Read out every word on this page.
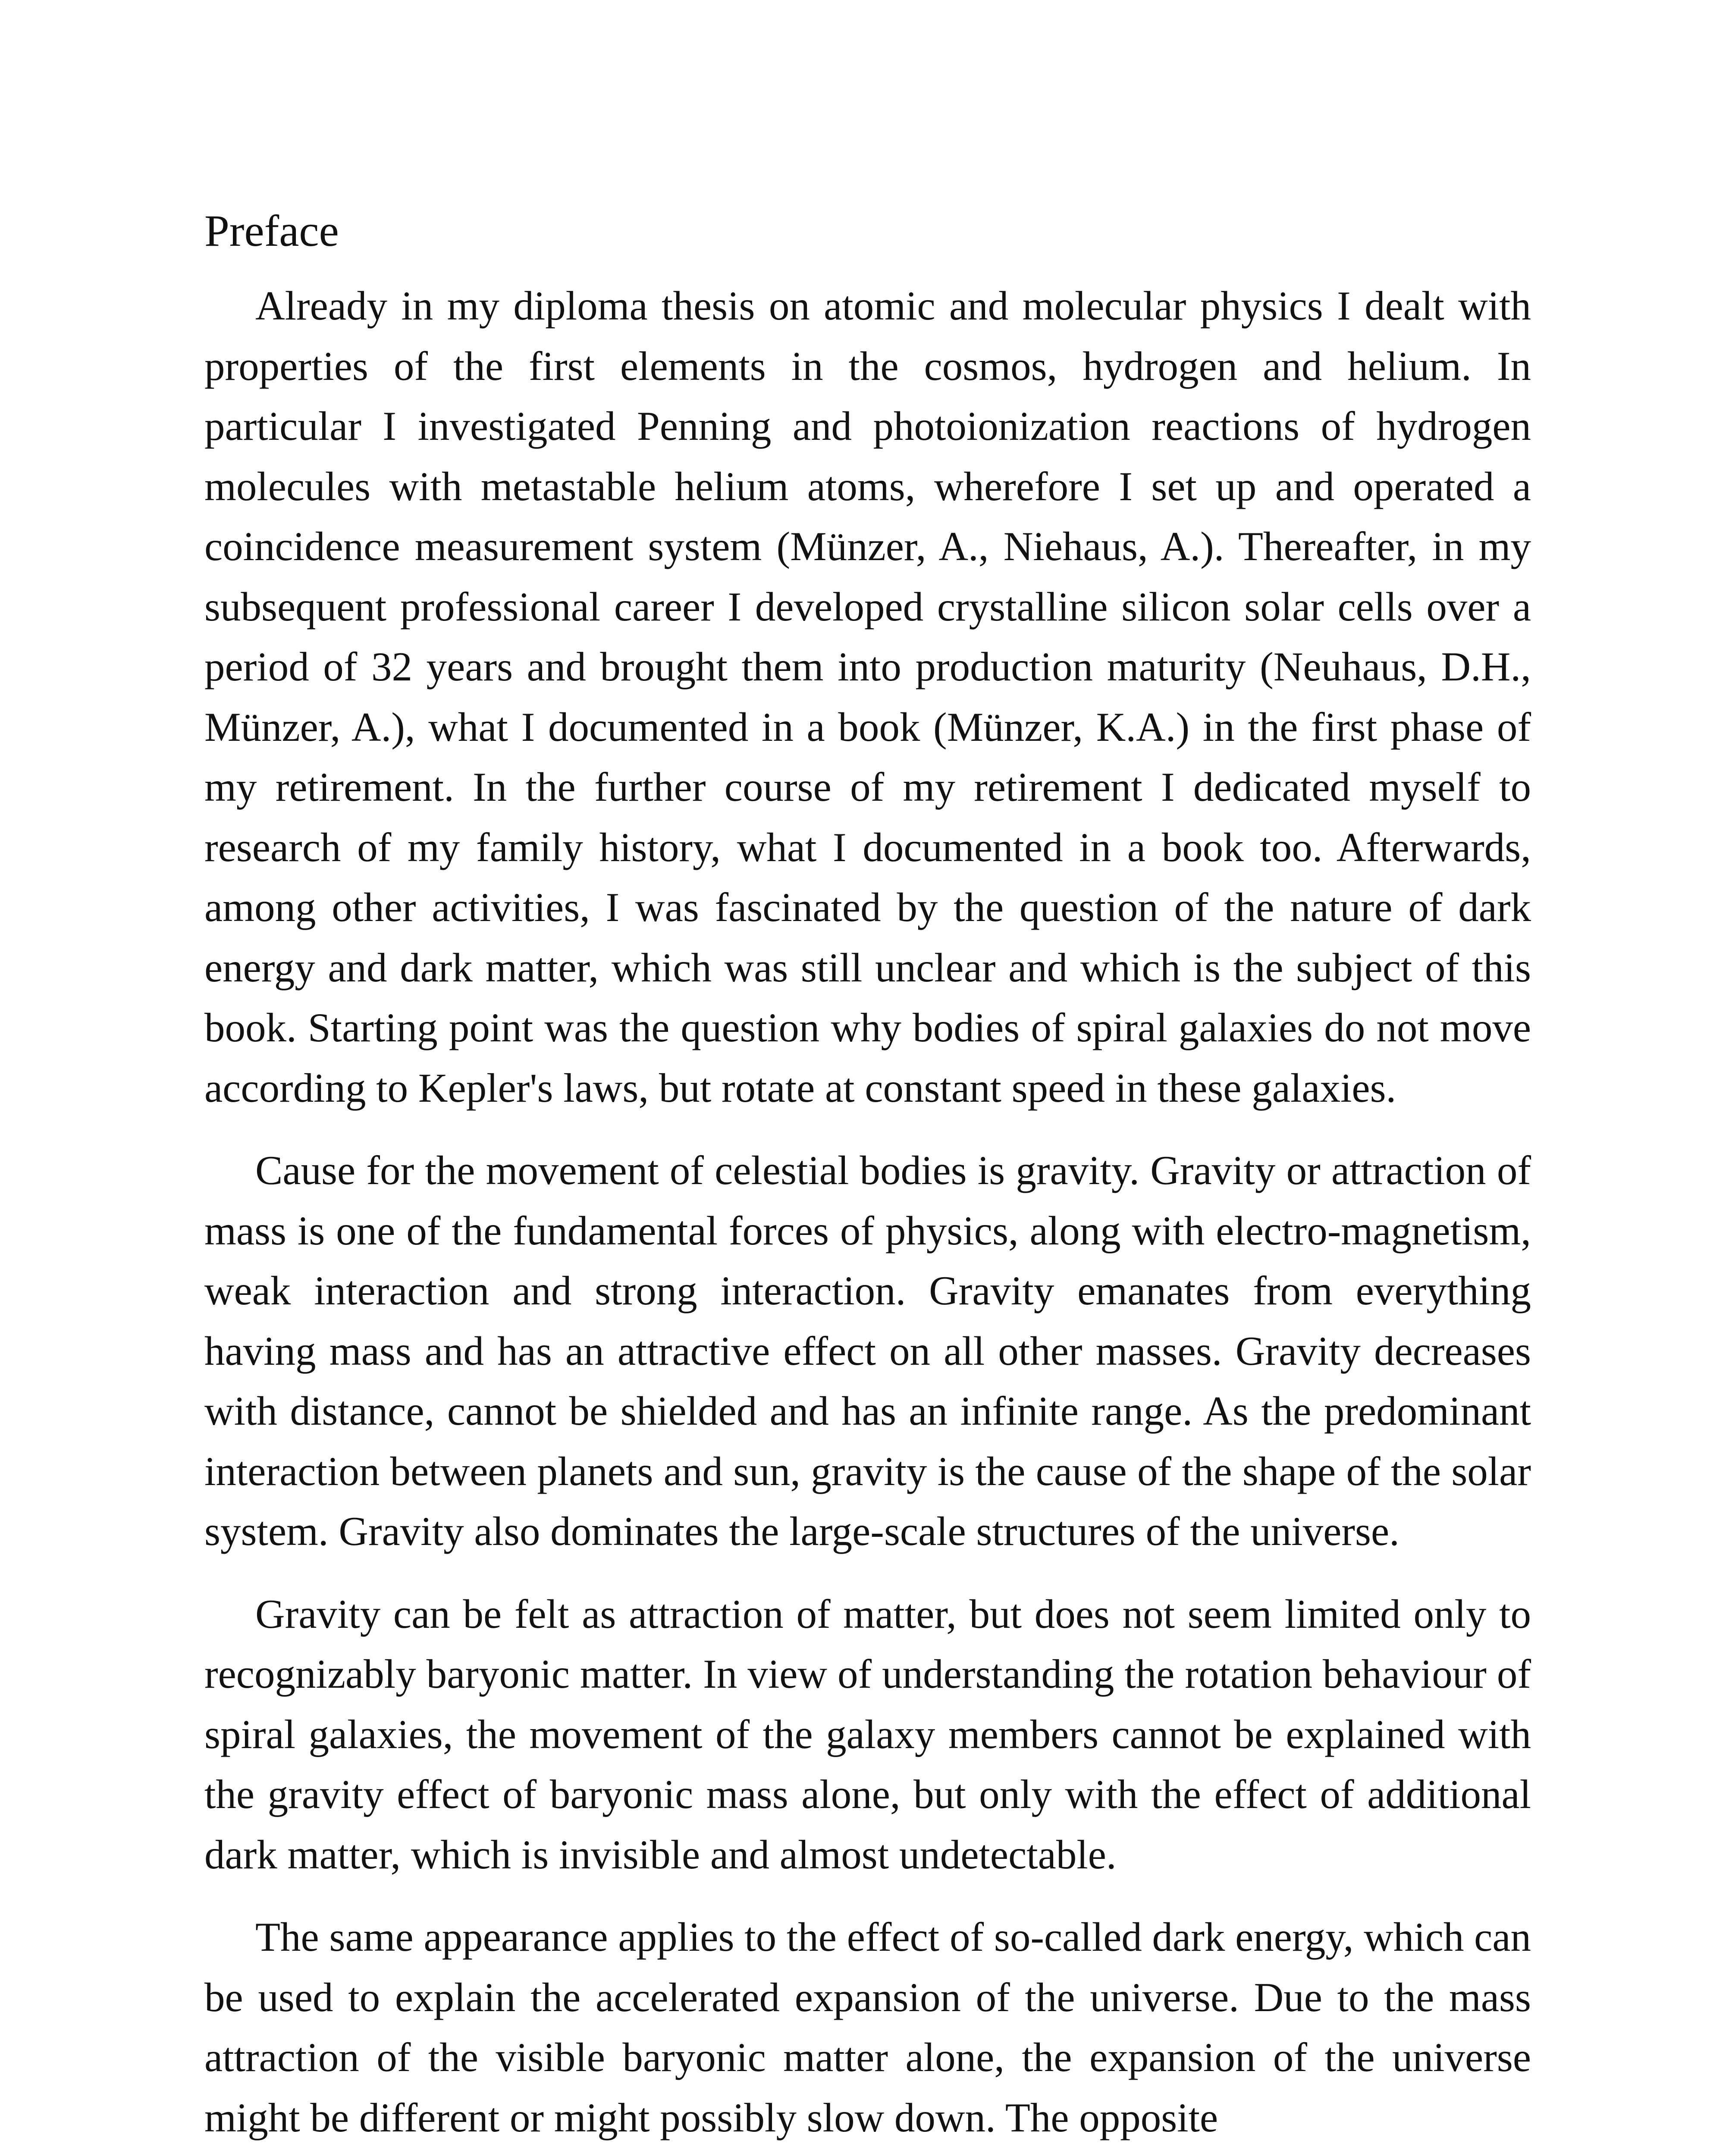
Preface

Already in my diploma thesis on atomic and molecular physics I dealt with properties of the first elements in the cosmos, hydrogen and helium. In particular I investigated Penning and photoionization reactions of hydrogen molecules with metastable helium atoms, wherefore I set up and operated a coincidence measurement system (Münzer, A., Niehaus, A.). Thereafter, in my subsequent professional career I developed crystalline silicon solar cells over a period of 32 years and brought them into production maturity (Neuhaus, D.H., Münzer, A.), what I documented in a book (Münzer, K.A.) in the first phase of my retirement. In the further course of my retirement I dedicated myself to research of my family history, what I documented in a book too. Afterwards, among other activities, I was fascinated by the question of the nature of dark energy and dark matter, which was still unclear and which is the subject of this book. Starting point was the question why bodies of spiral galaxies do not move according to Kepler's laws, but rotate at constant speed in these galaxies.

Cause for the movement of celestial bodies is gravity. Gravity or attraction of mass is one of the fundamental forces of physics, along with electro-magnetism, weak interaction and strong interaction. Gravity emanates from everything having mass and has an attractive effect on all other masses. Gravity decreases with distance, cannot be shielded and has an infinite range. As the predominant interaction between planets and sun, gravity is the cause of the shape of the solar system. Gravity also dominates the large-scale structures of the universe.

Gravity can be felt as attraction of matter, but does not seem limited only to recognizably baryonic matter. In view of understanding the rotation behaviour of spiral galaxies, the movement of the galaxy members cannot be explained with the gravity effect of baryonic mass alone, but only with the effect of additional dark matter, which is invisible and almost undetectable.

The same appearance applies to the effect of so-called dark energy, which can be used to explain the accelerated expansion of the universe. Due to the mass attraction of the visible baryonic matter alone, the expansion of the universe might be different or might possibly slow down. The opposite
